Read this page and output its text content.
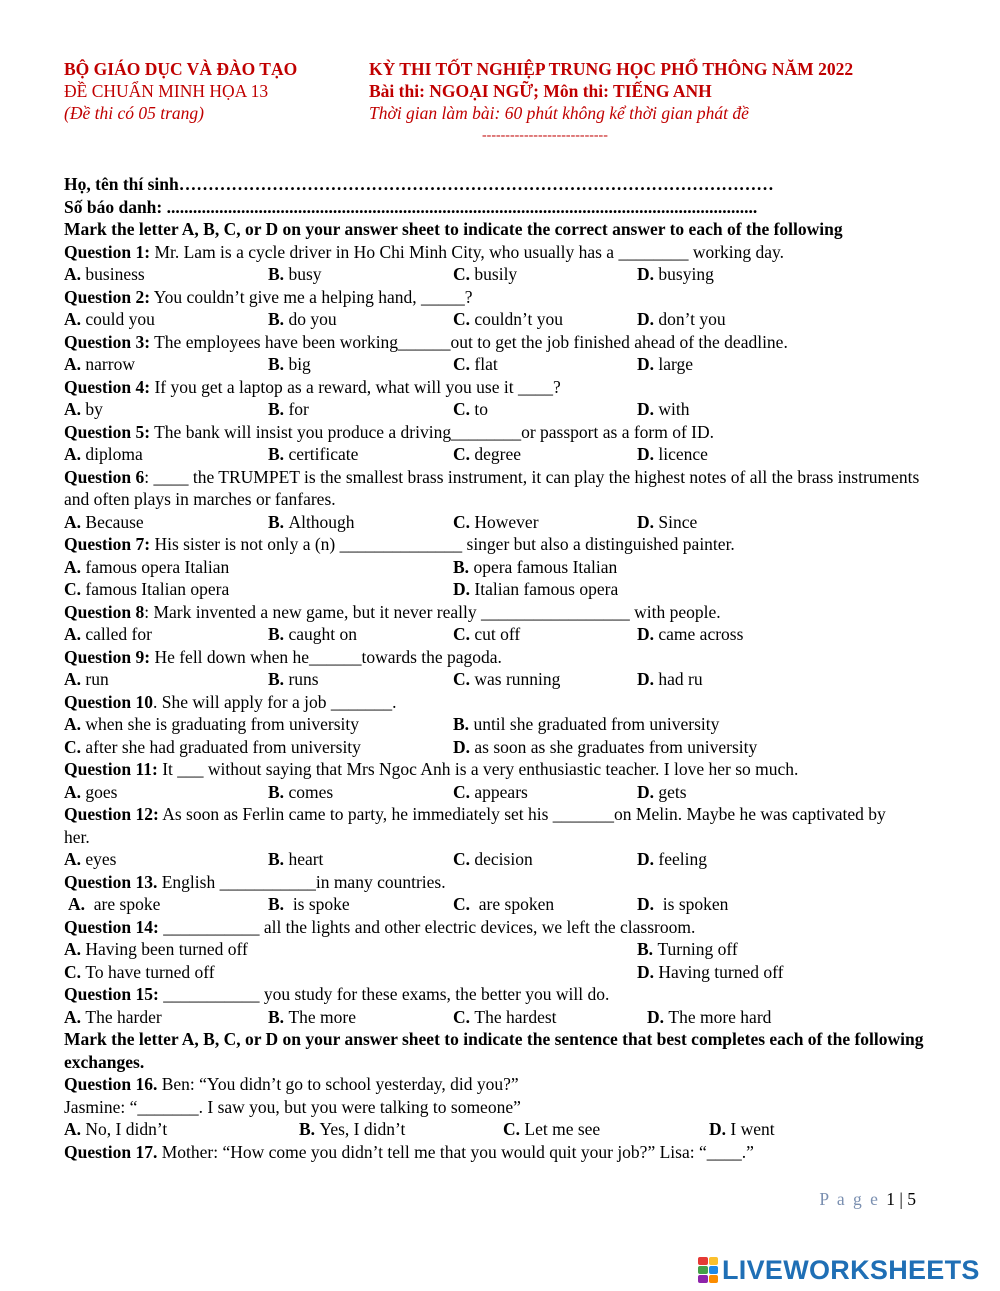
BỘ GIÁO DỤC VÀ ĐÀO TẠO
ĐỀ CHUẨN MINH HỌA 13
(Đề thi có 05 trang)
KỲ THI TỐT NGHIỆP TRUNG HỌC PHỔ THÔNG NĂM 2022
Bài thi: NGOẠI NGỮ; Môn thi: TIẾNG ANH
Thời gian làm bài: 60 phút không kể thời gian phát đề
---------------------------
Họ, tên thí sinh…………………………………………………………………………………………
Số báo danh: .......................................................................................................................................
Mark the letter A, B, C, or D on your answer sheet to indicate the correct answer to each of the following
Question 1: Mr. Lam is a cycle driver in Ho Chi Minh City, who usually has a ________ working day.
A. business	B. busy	C. busily	D. busying
Question 2: You couldn’t give me a helping hand, _____?
A. could you	B. do you	C. couldn’t you	D. don’t you
Question 3: The employees have been working______out to get the job finished ahead of the deadline.
A. narrow	B. big	C. flat	D. large
Question 4: If you get a laptop as a reward, what will you use it ____?
A. by	B. for	C. to	D. with
Question 5: The bank will insist you produce a driving________or passport as a form of ID.
A. diploma	B. certificate	C. degree	D. licence
Question 6: ____ the TRUMPET is the smallest brass instrument, it can play the highest notes of all the brass instruments and often plays in marches or fanfares.
A. Because	B. Although	C. However	D. Since
Question 7: His sister is not only a (n) ______________ singer but also a distinguished painter.
A. famous opera Italian	B. opera famous Italian
C. famous Italian opera	D. Italian famous opera
Question 8: Mark invented a new game, but it never really _________________ with people.
A. called for	B. caught on	C. cut off	D. came across
Question 9: He fell down when he______towards the pagoda.
A. run	B. runs	C. was running	D. had ru
Question 10. She will apply for a job _______.
A. when she is graduating from university	B. until she graduated from university
C. after she had graduated from university	D. as soon as she graduates from university
Question 11: It ___ without saying that Mrs Ngoc Anh is a very enthusiastic teacher. I love her so much.
A. goes	B. comes	C. appears	D. gets
Question 12: As soon as Ferlin came to party, he immediately set his _______on Melin. Maybe he was captivated by her.
A. eyes	B. heart	C. decision	D. feeling
Question 13. English ___________in many countries.
A. are spoke	B. is spoke	C. are spoken	D. is spoken
Question 14: ___________ all the lights and other electric devices, we left the classroom.
A. Having been turned off	B. Turning off
C. To have turned off	D. Having turned off
Question 15: ___________ you study for these exams, the better you will do.
A. The harder	B. The more	C. The hardest	D. The more hard
Mark the letter A, B, C, or D on your answer sheet to indicate the sentence that best completes each of the following exchanges.
Question 16. Ben: “You didn’t go to school yesterday, did you?”
Jasmine: “_______. I saw you, but you were talking to someone”
A. No, I didn’t	B. Yes, I didn’t	C. Let me see	D. I went
Question 17. Mother: “How come you didn’t tell me that you would quit your job?” Lisa: “____.”
P a g e 1 | 5
LIVEWORKSHEETS
